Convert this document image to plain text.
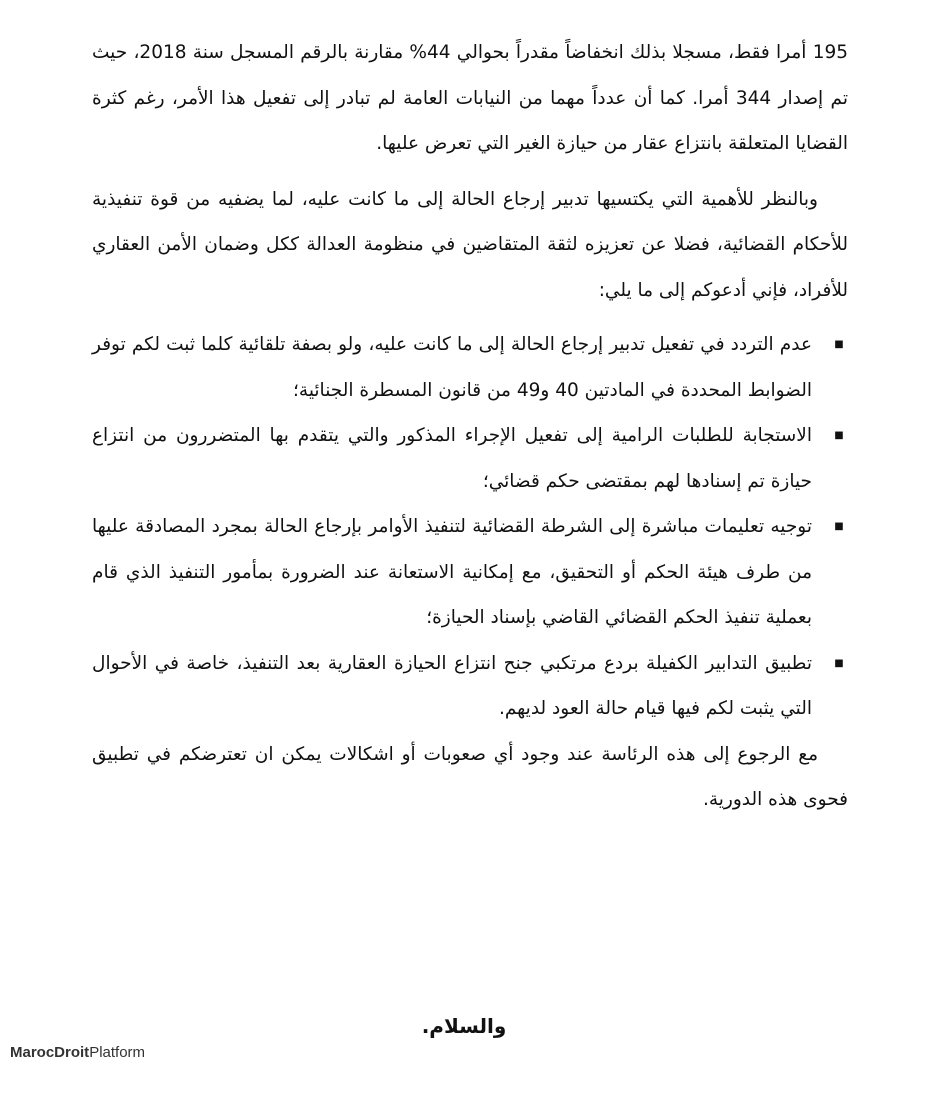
195 أمرا فقط، مسجلا بذلك انخفاضاً مقدراً بحوالي 44% مقارنة بالرقم المسجل سنة 2018، حيث تم إصدار 344 أمرا. كما أن عدداً مهما من النيابات العامة لم تبادر إلى تفعيل هذا الأمر، رغم كثرة القضايا المتعلقة بانتزاع عقار من حيازة الغير التي تعرض عليها.

وبالنظر للأهمية التي يكتسيها تدبير إرجاع الحالة إلى ما كانت عليه، لما يضفيه من قوة تنفيذية للأحكام القضائية، فضلا عن تعزيزه لثقة المتقاضين في منظومة العدالة ككل وضمان الأمن العقاري للأفراد، فإني أدعوكم إلى ما يلي:

■
عدم التردد في تفعيل تدبير إرجاع الحالة إلى ما كانت عليه، ولو بصفة تلقائية كلما ثبت لكم توفر الضوابط المحددة في المادتين 40 و49 من قانون المسطرة الجنائية؛
■
الاستجابة للطلبات الرامية إلى تفعيل الإجراء المذكور والتي يتقدم بها المتضررون من انتزاع حيازة تم إسنادها لهم بمقتضى حكم قضائي؛
■
توجيه تعليمات مباشرة إلى الشرطة القضائية لتنفيذ الأوامر بإرجاع الحالة بمجرد المصادقة عليها من طرف هيئة الحكم أو التحقيق، مع إمكانية الاستعانة عند الضرورة بمأمور التنفيذ الذي قام بعملية تنفيذ الحكم القضائي القاضي بإسناد الحيازة؛
■
تطبيق التدابير الكفيلة بردع مرتكبي جنح انتزاع الحيازة العقارية بعد التنفيذ، خاصة في الأحوال التي يثبت لكم فيها قيام حالة العود لديهم.

مع الرجوع إلى هذه الرئاسة عند وجود أي صعوبات أو اشكالات يمكن ان تعترضكم في تطبيق فحوى هذه الدورية.

والسلام.
MarocDroitPlatform
